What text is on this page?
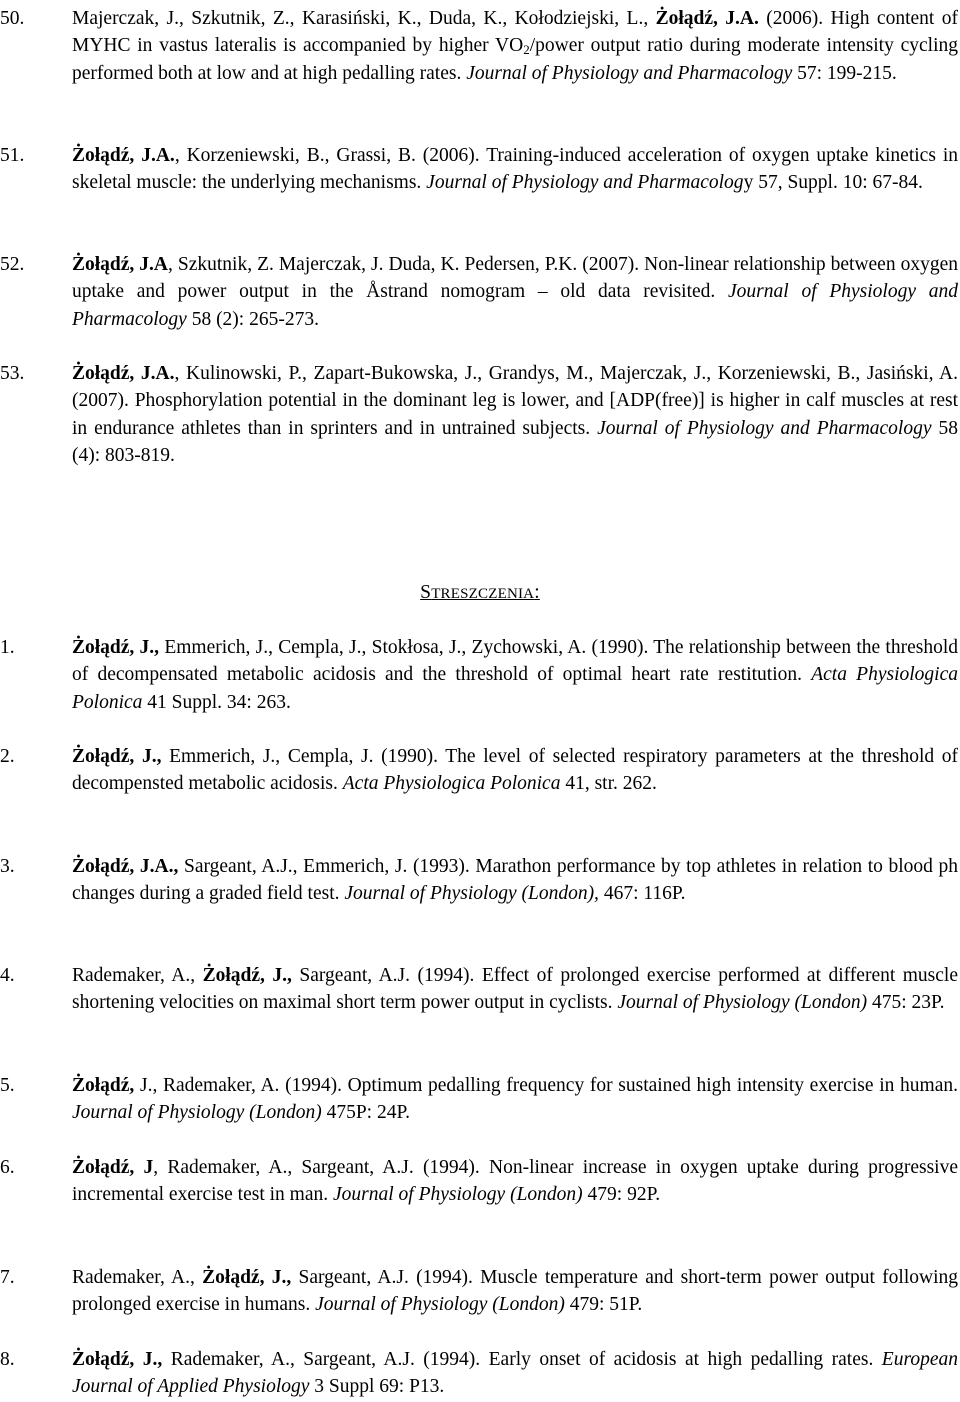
50. Majerczak, J., Szkutnik, Z., Karasiński, K., Duda, K., Kołodziejski, L., Żołądź, J.A. (2006). High content of MYHC in vastus lateralis is accompanied by higher $VO_2$/power output ratio during moderate intensity cycling performed both at low and at high pedalling rates. Journal of Physiology and Pharmacology 57: 199-215.
51. Żołądź, J.A., Korzeniewski, B., Grassi, B. (2006). Training-induced acceleration of oxygen uptake kinetics in skeletal muscle: the underlying mechanisms. Journal of Physiology and Pharmacology 57, Suppl. 10: 67-84.
52. Żołądź, J.A, Szkutnik, Z. Majerczak, J. Duda, K. Pedersen, P.K. (2007). Non-linear relationship between oxygen uptake and power output in the Åstrand nomogram – old data revisited. Journal of Physiology and Pharmacology 58 (2): 265-273.
53. Żołądź, J.A., Kulinowski, P., Zapart-Bukowska, J., Grandys, M., Majerczak, J., Korzeniewski, B., Jasiński, A. (2007). Phosphorylation potential in the dominant leg is lower, and [ADP(free)] is higher in calf muscles at rest in endurance athletes than in sprinters and in untrained subjects. Journal of Physiology and Pharmacology 58 (4): 803-819.
STRESZCZENIA:
1.	Żołądź, J., Emmerich, J., Cempla, J., Stokłosa, J., Zychowski, A. (1990). The relationship between the threshold of decompensated metabolic acidosis and the threshold of optimal heart rate restitution. Acta Physiologica Polonica 41 Suppl. 34: 263.
2.	Żołądź, J., Emmerich, J., Cempla, J. (1990). The level of selected respiratory parameters at the threshold of decompensted metabolic acidosis. Acta Physiologica Polonica 41, str. 262.
3.	Żołądź, J.A., Sargeant, A.J., Emmerich, J. (1993). Marathon performance by top athletes in relation to blood ph changes during a graded field test. Journal of Physiology (London), 467: 116P.
4.	Rademaker, A., Żołądź, J., Sargeant, A.J. (1994). Effect of prolonged exercise performed at different muscle shortening velocities on maximal short term power output in cyclists. Journal of Physiology (London) 475: 23P.
5.	Żołądź, J., Rademaker, A. (1994). Optimum pedalling frequency for sustained high intensity exercise in human. Journal of Physiology (London) 475P: 24P.
6.	Żołądź, J, Rademaker, A., Sargeant, A.J. (1994). Non-linear increase in oxygen uptake during progressive incremental exercise test in man. Journal of Physiology (London) 479: 92P.
7.	Rademaker, A., Żołądź, J., Sargeant, A.J. (1994). Muscle temperature and short-term power output following prolonged exercise in humans. Journal of Physiology (London) 479: 51P.
8.	Żołądź, J., Rademaker, A., Sargeant, A.J. (1994). Early onset of acidosis at high pedalling rates. European Journal of Applied Physiology 3 Suppl 69: P13.
